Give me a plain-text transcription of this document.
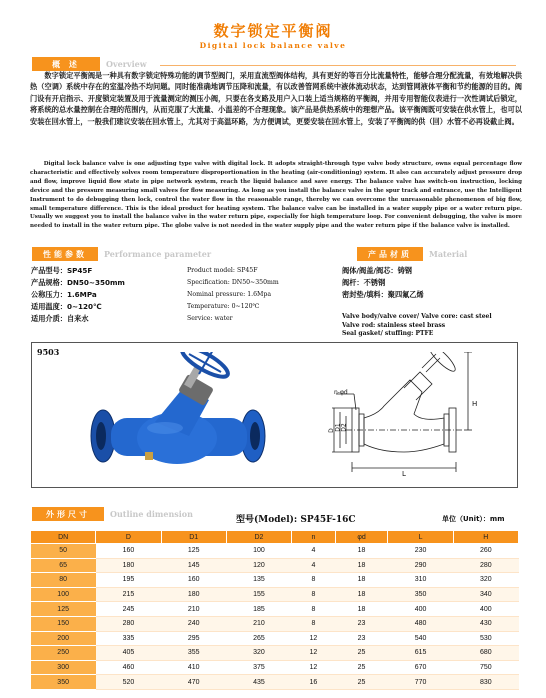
数字锁定平衡阀
Digital lock balance valve
概 述	Overview
数字锁定平衡阀是一种具有数字锁定特殊功能的调节型阀门，采用直流型阀体结构，具有更好的等百分比流量特性，能够合理分配流量，有效地解决供热（空调）系统中存在的室温冷热不均问题。同时能准确地调节压降和流量，有以改善管网系统中液体流动状态，达到管网液体平衡和节约能源的目的。阀门设有开启指示、开度锁定装置及用于流量测定的测压小阀，只要在各支路及用户入口装上适当规格的平衡阀，并用专用智能仪表进行一次性调试后锁定，将系统的总水量控制在合理的范围内，从而克服了大流量、小温差的不合理现象。该产品是供热系统中的理想产品。该平衡阀既可安装在供水管上，也可以安装在回水管上，一般我们建议安装在回水管上，尤其对于高温环路，为方便调试，更要安装在回水管上，安装了平衡阀的供（回）水管不必再设截止阀。
Digital lock balance valve is one adjusting type valve with digital lock. It adopts straight-through type valve body structure, owns equal percentage flow characteristic and effectively solves room temperature disproportionation in the heating (air-conditioning) system. It also can accurately adjust pressure drop and flow, improve liquid flow state in pipe network system, reach the liquid balance and save energy. The balance valve has switch-on instruction, locking device and the pressure measuring small valves for flow measuring. As long as you install the balance valve in the spur track and entrance, use the Intelligent Instrument to do debugging then lock, control the water flow in the reasonable range, thereby we can overcome the unreasonable phenomenon of big flow, small temperature difference. This is the ideal product for heating system. The balance valve can be installed in a water supply pipe or a water return pipe. Usually we suggest you to install the balance valve in the water return pipe, especially for high temperature loop. For convenient debugging, the valve is more needed to install in the water return pipe. The globe valve is not needed in the water supply pipe and the water return pipe if the balance valve is installed.
性能参数	Performance parameter	产品材质	Material
产品型号：SP45F
产品规格：DN50~350mm
公称压力：1.6MPa
适用温度：0~120℃
适用介质：自来水
Product model: SP45F
Specification: DN50~350mm
Nominal pressure: 1.6Mpa
Temperature: 0~120℃
Service: water
阀体/阀盖/阀芯：铸钢
阀杆：不锈钢
密封垫/填料：聚四氟乙烯
Valve body/valve cover/ Valve core: cast steel
Valve rod: stainless steel brass
Seal gasket/ stuffing: PTFE
9503
n-φd
D D1 D2
L
H
外形尺寸	Outline dimension
型号(Model): SP45F-16C	单位（Unit）：mm
DN	D	D1	D2	n	φd	L	H
50	160	125	100	4	18	230	260
65	180	145	120	4	18	290	280
80	195	160	135	8	18	310	320
100	215	180	155	8	18	350	340
125	245	210	185	8	18	400	400
150	280	240	210	8	23	480	430
200	335	295	265	12	23	540	530
250	405	355	320	12	25	615	680
300	460	410	375	12	25	670	750
350	520	470	435	16	25	770	830
